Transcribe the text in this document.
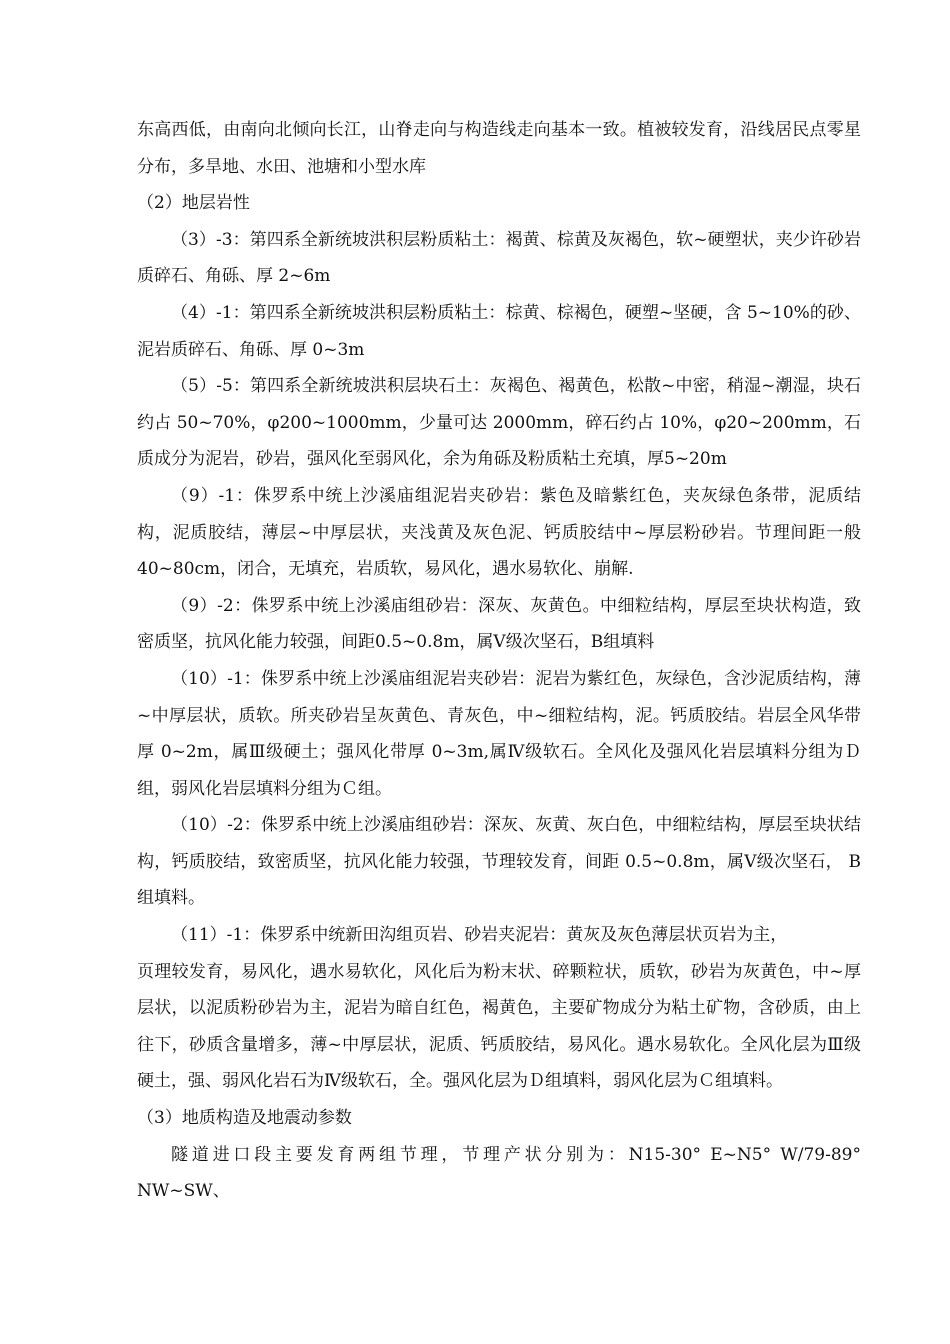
东高西低，由南向北倾向长江，山脊走向与构造线走向基本一致。植被较发育，沿线居民点零星分布，多旱地、水田、池塘和小型水库

（2）地层岩性

（3）-3：第四系全新统坡洪积层粉质粘土：褐黄、棕黄及灰褐色，软~硬塑状，夹少许砂岩质碎石、角砾、厚 2~6m

（4）-1：第四系全新统坡洪积层粉质粘土：棕黄、棕褐色，硬塑~坚硬，含 5~10%的砂、泥岩质碎石、角砾、厚 0~3m

（5）-5：第四系全新统坡洪积层块石土：灰褐色、褐黄色，松散~中密，稍湿~潮湿，块石约占 50~70%，φ200~1000mm，少量可达 2000mm，碎石约占 10%，φ20~200mm，石质成分为泥岩，砂岩，强风化至弱风化，余为角砾及粉质粘土充填，厚5~20m

（9）-1：侏罗系中统上沙溪庙组泥岩夹砂岩：紫色及暗紫红色，夹灰绿色条带，泥质结构，泥质胶结，薄层~中厚层状，夹浅黄及灰色泥、钙质胶结中~厚层粉砂岩。节理间距一般 40~80cm，闭合，无填充，岩质软，易风化，遇水易软化、崩解.

（9）-2：侏罗系中统上沙溪庙组砂岩：深灰、灰黄色。中细粒结构，厚层至块状构造，致密质坚，抗风化能力较强，间距0.5~0.8m，属Ⅴ级次坚石，B组填料

（10）-1：侏罗系中统上沙溪庙组泥岩夹砂岩：泥岩为紫红色，灰绿色，含沙泥质结构，薄~中厚层状，质软。所夹砂岩呈灰黄色、青灰色，中~细粒结构，泥。钙质胶结。岩层全风华带厚 0~2m，属Ⅲ级硬土；强风化带厚 0~3m,属Ⅳ级软石。全风化及强风化岩层填料分组为Ｄ组，弱风化岩层填料分组为Ｃ组。

（10）-2：侏罗系中统上沙溪庙组砂岩：深灰、灰黄、灰白色，中细粒结构，厚层至块状结构，钙质胶结，致密质坚，抗风化能力较强，节理较发育，间距 0.5~0.8m，属Ⅴ级次坚石， B组填料。

（11）-1：侏罗系中统新田沟组页岩、砂岩夹泥岩：黄灰及灰色薄层状页岩为主，

页理较发育，易风化，遇水易软化，风化后为粉末状、碎颗粒状，质软，砂岩为灰黄色，中~厚层状，以泥质粉砂岩为主，泥岩为暗自红色，褐黄色，主要矿物成分为粘土矿物，含砂质，由上往下，砂质含量增多，薄~中厚层状，泥质、钙质胶结，易风化。遇水易软化。全风化层为Ⅲ级硬土，强、弱风化岩石为Ⅳ级软石，全。强风化层为Ｄ组填料，弱风化层为Ｃ组填料。

（3）地质构造及地震动参数

隧道进口段主要发育两组节理，节理产状分别为：N15-30° E~N5° W/79-89° NW~SW、
